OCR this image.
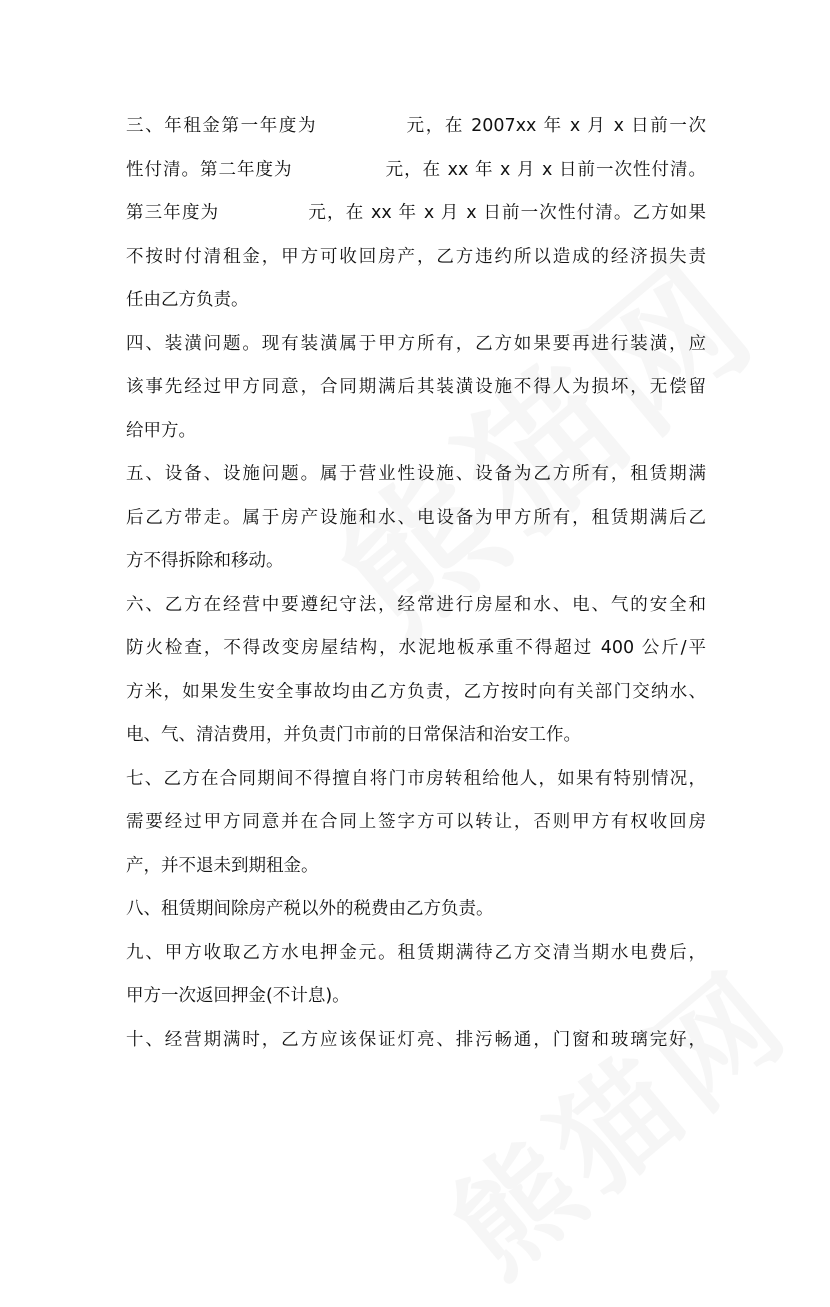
三、年租金第一年度为	元，在 2007xx 年 x 月 x 日前一次
性付清。第二年度为	元，在 xx 年 x 月 x 日前一次性付清。
第三年度为	元，在 xx 年 x 月 x 日前一次性付清。乙方如果
不按时付清租金，甲方可收回房产，乙方违约所以造成的经济损失责
任由乙方负责。
四、装潢问题。现有装潢属于甲方所有，乙方如果要再进行装潢，应
该事先经过甲方同意，合同期满后其装潢设施不得人为损坏，无偿留
给甲方。
五、设备、设施问题。属于营业性设施、设备为乙方所有，租赁期满
后乙方带走。属于房产设施和水、电设备为甲方所有，租赁期满后乙
方不得拆除和移动。
六、乙方在经营中要遵纪守法，经常进行房屋和水、电、气的安全和
防火检查，不得改变房屋结构，水泥地板承重不得超过 400 公斤/平
方米，如果发生安全事故均由乙方负责，乙方按时向有关部门交纳水、
电、气、清洁费用，并负责门市前的日常保洁和治安工作。
七、乙方在合同期间不得擅自将门市房转租给他人，如果有特别情况，
需要经过甲方同意并在合同上签字方可以转让，否则甲方有权收回房
产，并不退未到期租金。
八、租赁期间除房产税以外的税费由乙方负责。
九、甲方收取乙方水电押金元。租赁期满待乙方交清当期水电费后，
甲方一次返回押金(不计息)。
十、经营期满时，乙方应该保证灯亮、排污畅通，门窗和玻璃完好，
